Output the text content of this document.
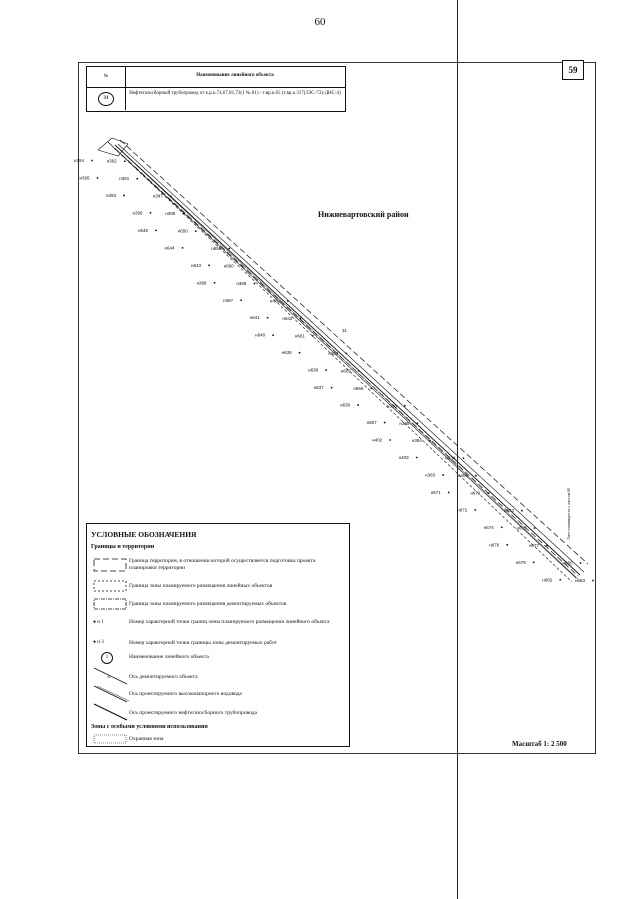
60
59
№	Наименование линейного объекта
31
Нефтегазосборный трубопровод от к.р.к.74,67,81,73(1 № 81) - т.вр.к.65 (т.вр.к.317(ЗЭС-73)-ДНС-4)
н394	н392
н395	н391
н393	н397
н396	н399
н645	н650
н644	н659
н643	н660
н398	н388
н387	н400
н641	н642
н640	н661
н639	н664
н638	н665
н637	н666
н636	н386
н667	н385
н402	н384
н403	н404
н383	н405
н671	н671
н672	н673
н674	н675
н676	н677
н679	н680
н682	н683
31
Нижневартовский район
УСЛОВНЫЕ ОБОЗНАЧЕНИЯ
Границы и территории
Граница территории, в отношении которой осуществляется подготовка проекта планировки территории
Граница зоны планируемого размещения линейных объектов
Граница зоны планируемого размещения демонтируемых объектов
● н 1	Номер характерной точки границ зоны планируемого размещения линейного объекта
● н 3	Номер характерной точки границы зоны демонтируемых работ
1	Наименование линейного объекта
×	Ось демонтируемого объекта
Ось проектируемого высоконапорного водовода
Ось проектируемого нефтегазосборного трубопровода
Зоны с особыми условиями использования
Охранная зона
Масштаб 1: 2 500
Лист совмещается с листом 60
